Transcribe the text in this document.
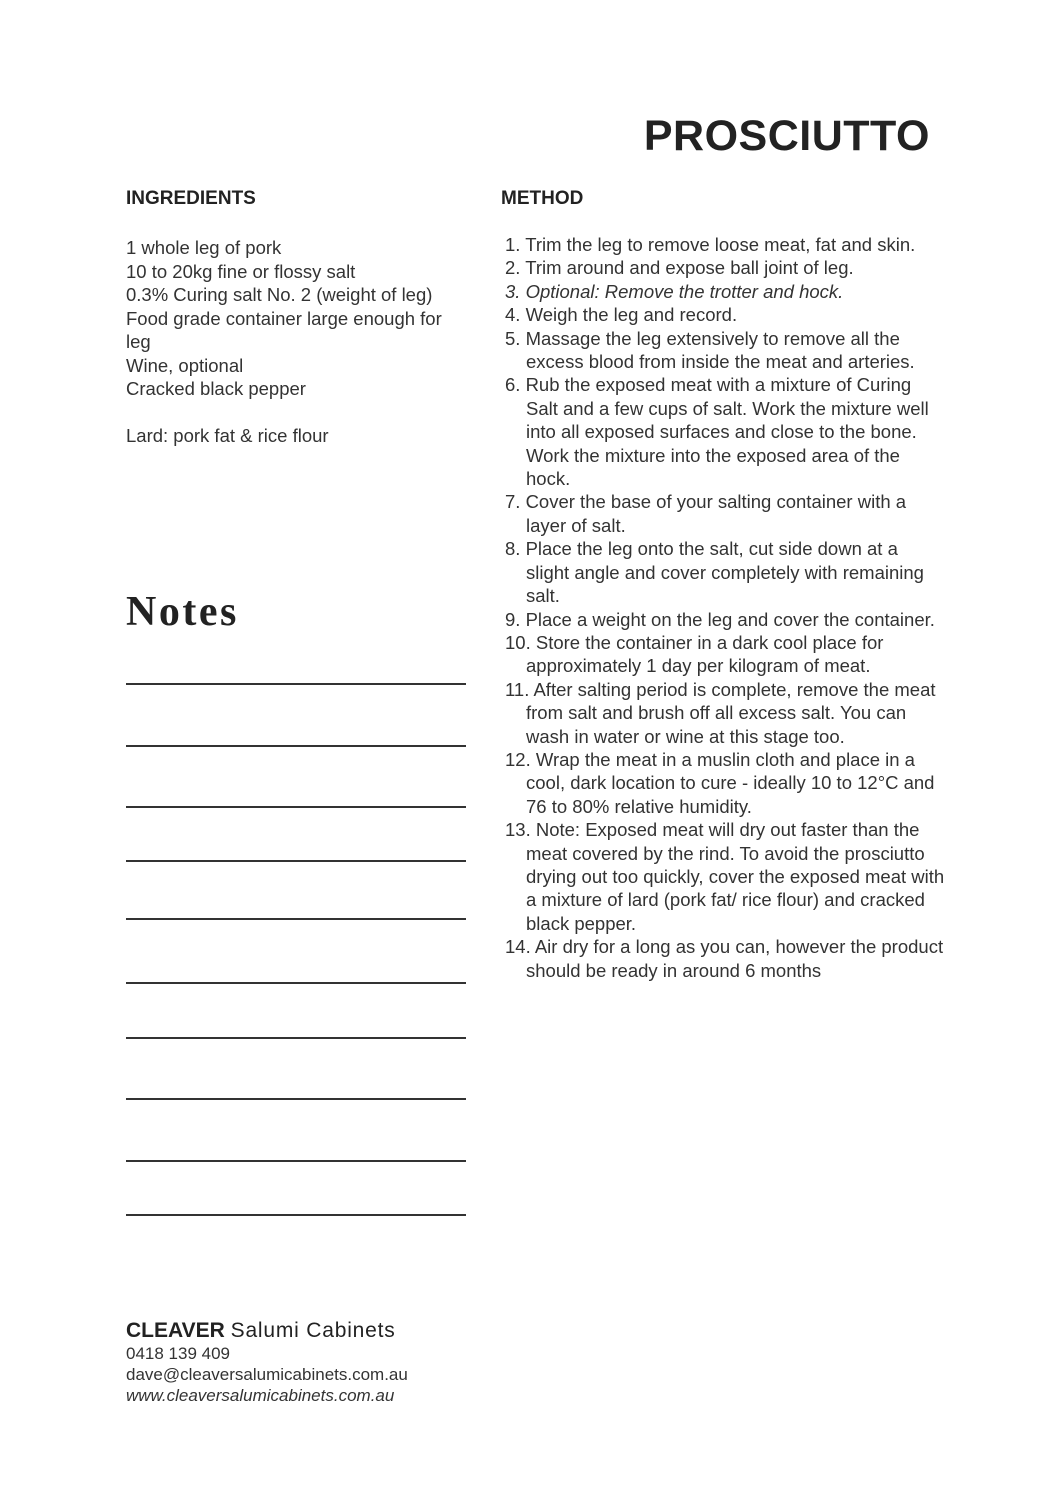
PROSCIUTTO
INGREDIENTS
1 whole leg of pork
10 to 20kg fine or flossy salt
0.3% Curing salt No. 2 (weight of leg)
Food grade container large enough for leg
Wine, optional
Cracked black pepper
Lard: pork fat & rice flour
METHOD
1. Trim the leg to remove loose meat, fat and skin.
2. Trim around and expose ball joint of leg.
3. Optional: Remove the trotter and hock.
4. Weigh the leg and record.
5. Massage the leg extensively to remove all the excess blood from inside the meat and arteries.
6. Rub the exposed meat with a mixture of Curing Salt and a few cups of salt. Work the mixture well into all exposed surfaces and close to the bone. Work the mixture into the exposed area of the hock.
7. Cover the base of your salting container with a layer of salt.
8. Place the leg onto the salt, cut side down at a slight angle and cover completely with remaining salt.
9. Place a weight on the leg and cover the container.
10. Store the container in a dark cool place for approximately 1 day per kilogram of meat.
11. After salting period is complete, remove the meat from salt and brush off all excess salt. You can wash in water or wine at this stage too.
12. Wrap the meat in a muslin cloth and place in a cool, dark location to cure - ideally 10 to 12°C and 76 to 80% relative humidity.
13. Note: Exposed meat will dry out faster than the meat covered by the rind. To avoid the prosciutto drying out too quickly, cover the exposed meat with a mixture of lard (pork fat/ rice flour) and cracked black pepper.
14. Air dry for a long as you can, however the product should be ready in around 6 months
Notes

CLEAVER Salumi Cabinets

0418 139 409

dave@cleaversalumicabinets.com.au

www.cleaversalumicabinets.com.au
